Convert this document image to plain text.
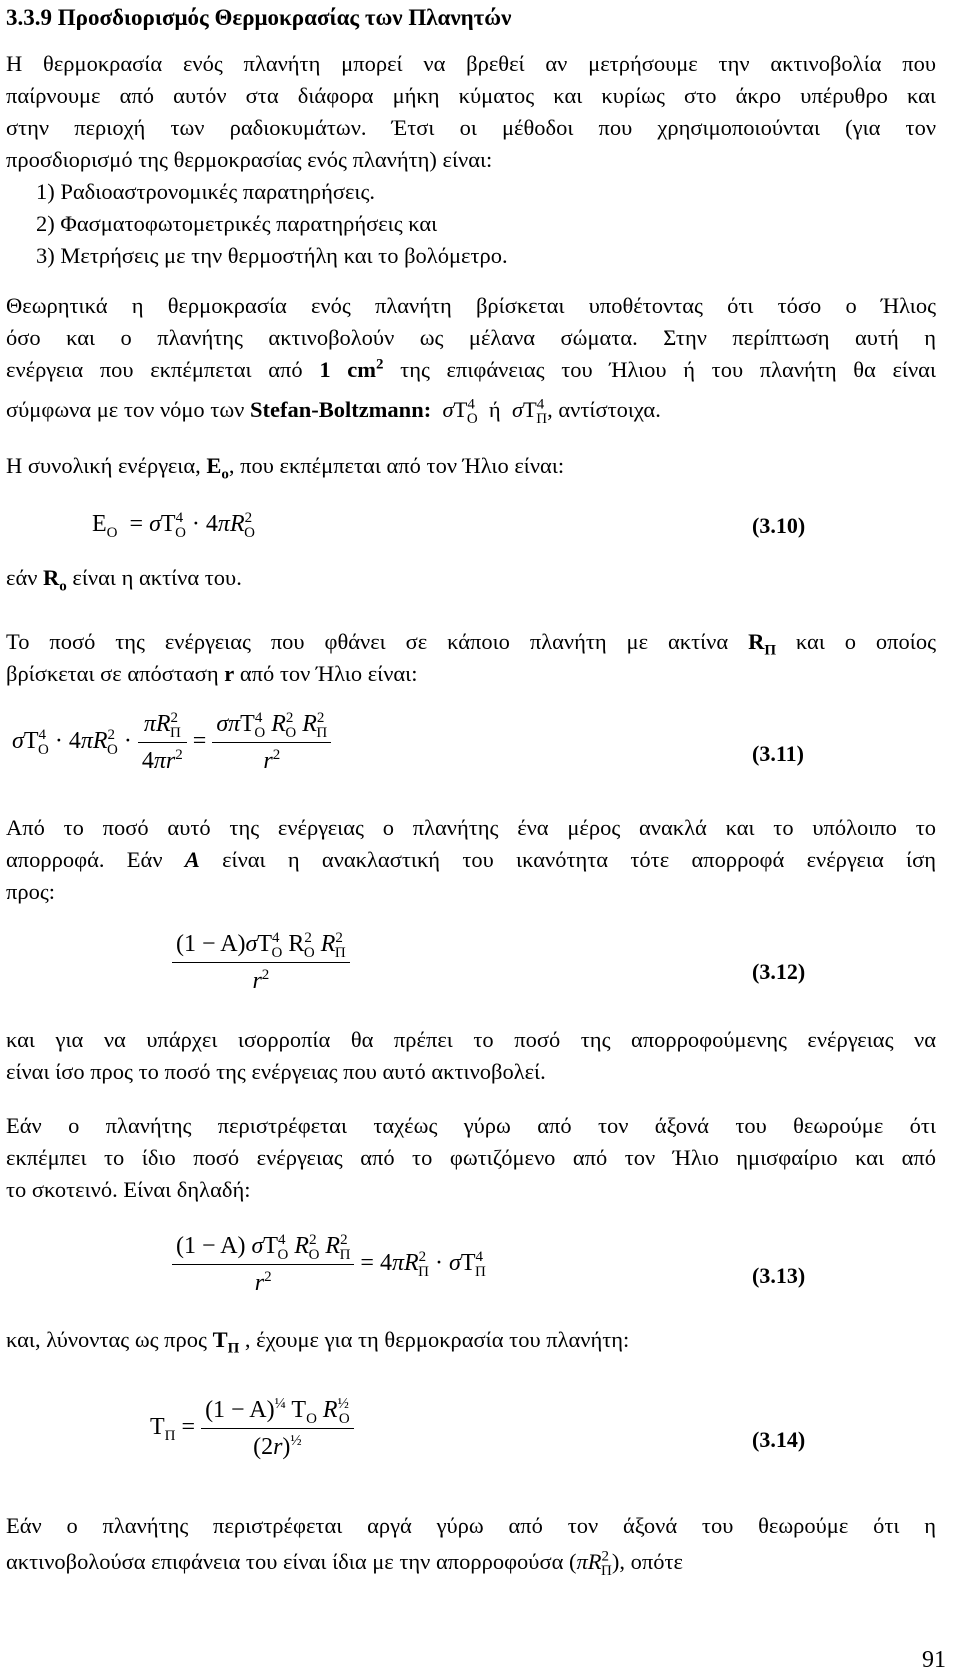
3.3.9 Προσδιορισμός Θερμοκρασίας των Πλανητών
Η θερμοκρασία ενός πλανήτη μπορεί να βρεθεί αν μετρήσουμε την ακτινοβολία που
παίρνουμε από αυτόν στα διάφορα μήκη κύματος και κυρίως στο άκρο υπέρυθρο και
στην περιοχή των ραδιοκυμάτων. Έτσι οι μέθοδοι που χρησιμοποιούνται (για τον
προσδιορισμό της θερμοκρασίας ενός πλανήτη) είναι:
1) Ραδιοαστρονομικές παρατηρήσεις.
2) Φασματοφωτομετρικές παρατηρήσεις και
3) Μετρήσεις με την θερμοστήλη και το βολόμετρο.
Θεωρητικά η θερμοκρασία ενός πλανήτη βρίσκεται υποθέτοντας ότι τόσο ο Ήλιος
όσο και ο πλανήτης ακτινοβολούν ως μέλανα σώματα. Στην περίπτωση αυτή η
ενέργεια που εκπέμπεται από 1 $cm^2$ της επιφάνειας του Ήλιου ή του πλανήτη θα είναι
σύμφωνα με τον νόμο των Stefan-Boltzmann: $\sigma T^4_O$ ή $\sigma T^4_\Pi$, αντίστοιχα.
Η συνολική ενέργεια, $E_o$, που εκπέμπεται από τον Ήλιο είναι:
$E_O = \sigma T^4_O \cdot 4\pi R^2_O$	(3.10)
εάν $R_o$ είναι η ακτίνα του.
Το ποσό της ενέργειας που φθάνει σε κάποιο πλανήτη με ακτίνα $R_\Pi$ και ο οποίος
βρίσκεται σε απόσταση r από τον Ήλιο είναι:
$\sigma T^4_O \cdot 4\pi R^2_O \cdot \frac{\pi R^2_\Pi}{4\pi r^2} = \frac{\sigma\pi T^4_O R^2_O R^2_\Pi}{r^2}$	(3.11)
Από το ποσό αυτό της ενέργειας ο πλανήτης ένα μέρος ανακλά και το υπόλοιπο το
απορροφά. Εάν A είναι η ανακλαστική του ικανότητα τότε απορροφά ενέργεια ίση
προς:
$\frac{(1 - A)\sigma T^4_O R^2_O R^2_\Pi}{r^2}$	(3.12)
και για να υπάρχει ισορροπία θα πρέπει το ποσό της απορροφούμενης ενέργειας να
είναι ίσο προς το ποσό της ενέργειας που αυτό ακτινοβολεί.
Εάν ο πλανήτης περιστρέφεται ταχέως γύρω από τον άξονά του θεωρούμε ότι
εκπέμπει το ίδιο ποσό ενέργειας από το φωτιζόμενο από τον Ήλιο ημισφαίριο και από
το σκοτεινό. Είναι δηλαδή:
$\frac{(1 - A) \sigma T^4_O R^2_O R^2_\Pi}{r^2} = 4\pi R^2_\Pi \cdot \sigma T^4_\Pi$	(3.13)
και, λύνοντας ως προς $T_\Pi$ , έχουμε για τη θερμοκρασία του πλανήτη:
$T_\Pi = \frac{(1 - A)^{\frac{1}{4}} T_O R^{\frac{1}{2}}_O}{(2r)^{\frac{1}{2}}}$	(3.14)
Εάν ο πλανήτης περιστρέφεται αργά γύρω από τον άξονά του θεωρούμε ότι η
ακτινοβολούσα επιφάνεια του είναι ίδια με την απορροφούσα $(\pi R^2_\Pi)$, οπότε
91
